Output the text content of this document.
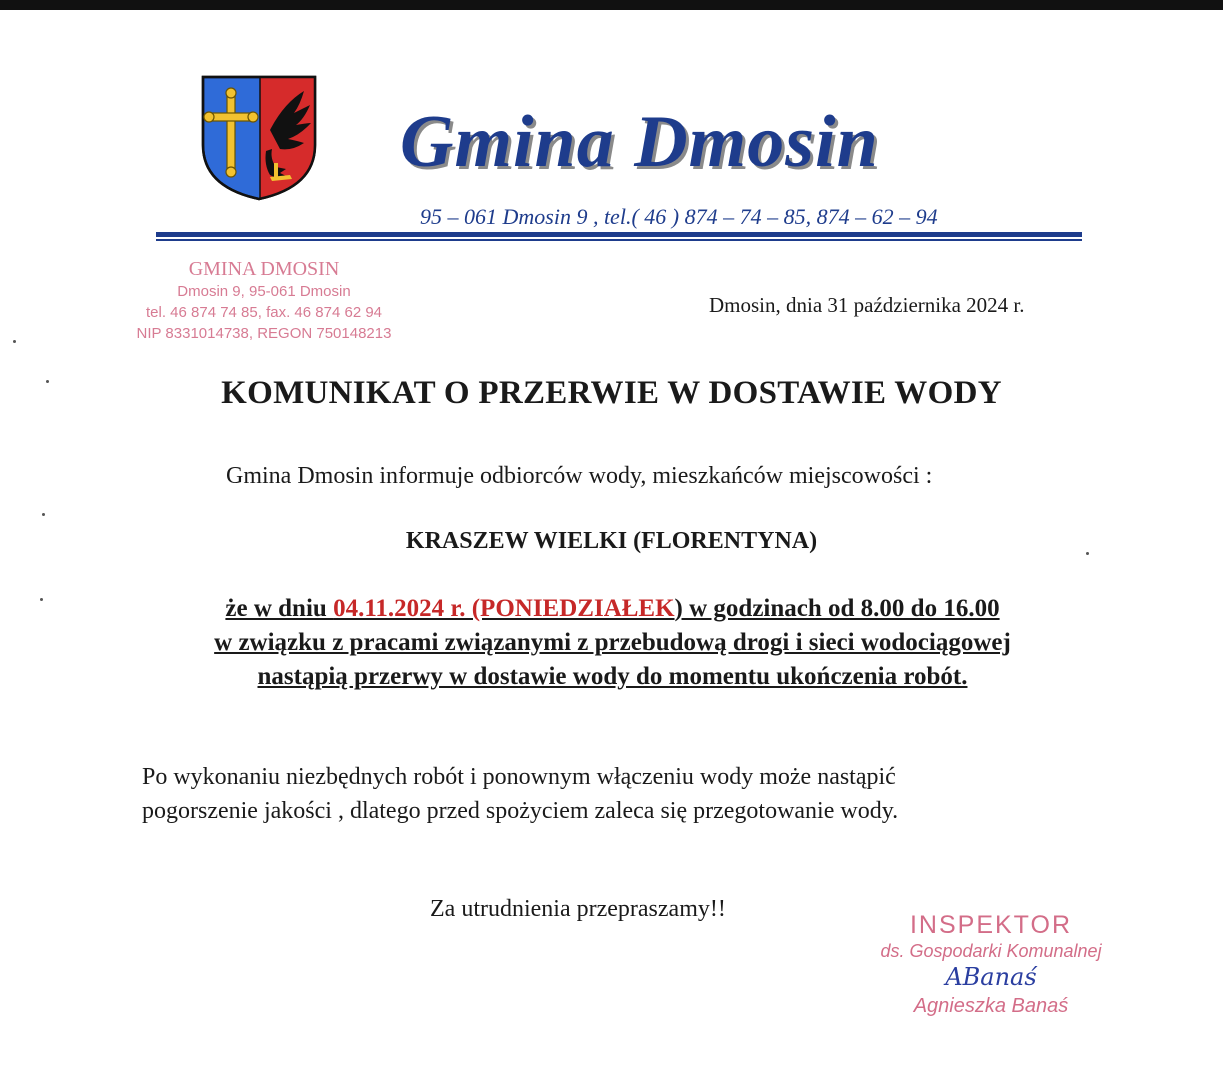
Gmina Dmosin
95 – 061 Dmosin 9 , tel.( 46 ) 874 – 74 – 85, 874 – 62 – 94
GMINA DMOSIN
Dmosin 9, 95-061 Dmosin
tel. 46 874 74 85, fax. 46 874 62 94
NIP 8331014738, REGON 750148213
Dmosin, dnia 31 października 2024 r.
KOMUNIKAT O PRZERWIE W DOSTAWIE WODY
Gmina Dmosin informuje odbiorców wody, mieszkańców miejscowości :
KRASZEW WIELKI (FLORENTYNA)
że w dniu 04.11.2024 r. (PONIEDZIAŁEK) w godzinach od 8.00 do 16.00
w związku z pracami związanymi z przebudową drogi i sieci wodociągowej
nastąpią przerwy w dostawie wody do momentu ukończenia robót.
Po wykonaniu niezbędnych robót i ponownym włączeniu wody może nastąpić
pogorszenie jakości , dlatego przed spożyciem zaleca się przegotowanie wody.
Za utrudnienia przepraszamy!!
INSPEKTOR
ds. Gospodarki Komunalnej
ABanaś
Agnieszka Banaś
